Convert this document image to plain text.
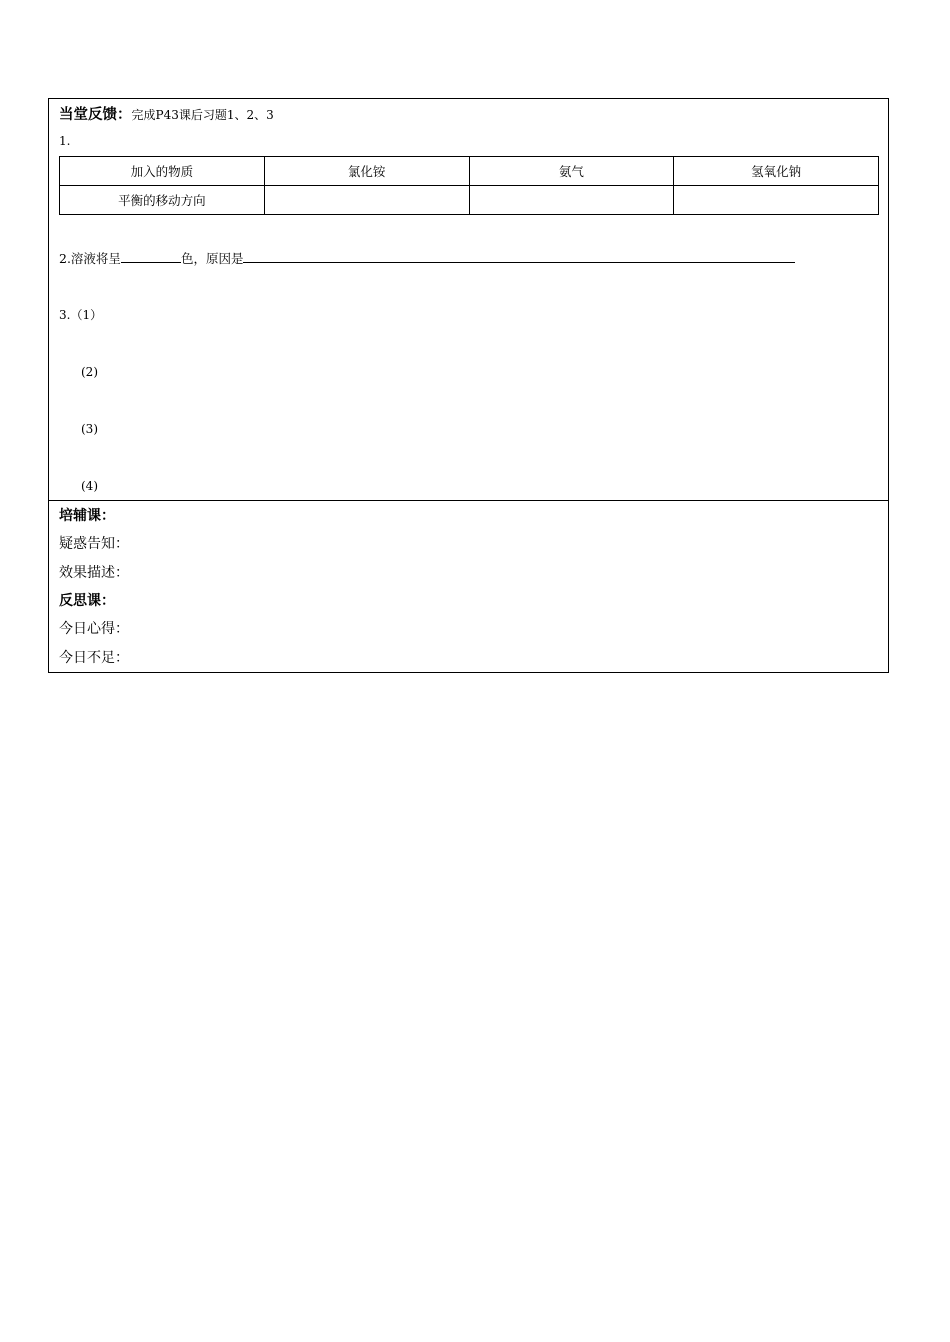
当堂反馈：完成P43课后习题1、2、3
1.
加入的物质	氯化铵	氨气	氢氧化钠
平衡的移动方向			
2.溶液将呈	色，原因是
3.（1）
(2)
(3)
(4)
培辅课：
疑惑告知：
效果描述：
反思课：
今日心得：
今日不足：
